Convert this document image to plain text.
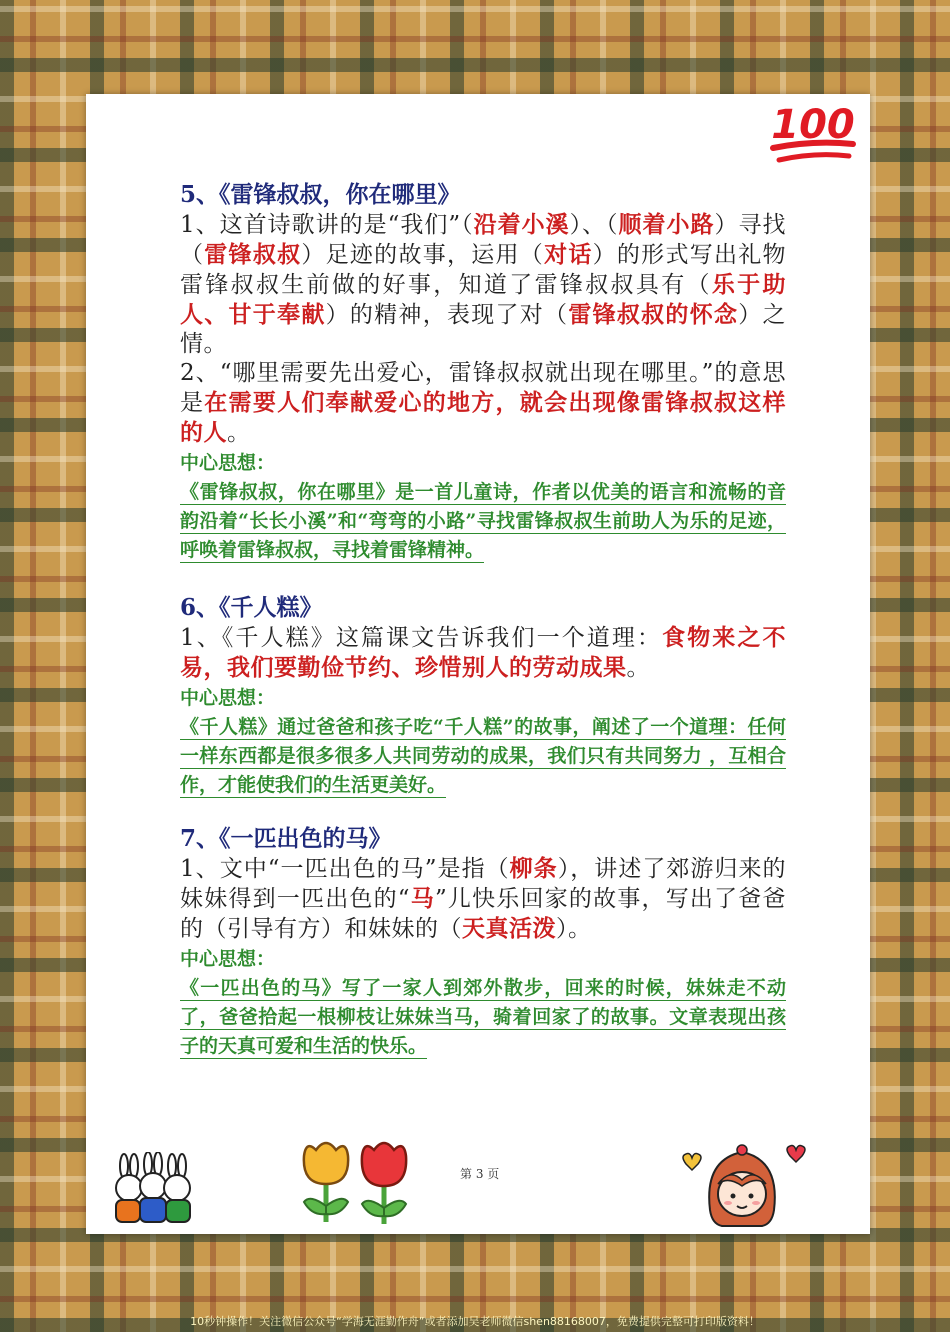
100
5、《雷锋叔叔，你在哪里》

1、这首诗歌讲的是“我们”（沿着小溪）、（顺着小路）寻找（雷锋叔叔）足迹的故事，运用（对话）的形式写出礼物雷锋叔叔生前做的好事，知道了雷锋叔叔具有（乐于助人、甘于奉献）的精神，表现了对（雷锋叔叔的怀念）之情。

2、“哪里需要先出爱心，雷锋叔叔就出现在哪里。”的意思是在需要人们奉献爱心的地方，就会出现像雷锋叔叔这样的人。

中心思想：

《雷锋叔叔，你在哪里》是一首儿童诗，作者以优美的语言和流畅的音韵沿着“长长小溪”和“弯弯的小路”寻找雷锋叔叔生前助人为乐的足迹，呼唤着雷锋叔叔，寻找着雷锋精神。

6、《千人糕》

1、《千人糕》这篇课文告诉我们一个道理：食物来之不易，我们要勤俭节约、珍惜别人的劳动成果。

中心思想：

《千人糕》通过爸爸和孩子吃“千人糕”的故事，阐述了一个道理：任何一样东西都是很多很多人共同劳动的成果，我们只有共同努力 ，互相合作，才能使我们的生活更美好。

7、《一匹出色的马》

1、文中“一匹出色的马”是指（柳条），讲述了郊游归来的妹妹得到一匹出色的“马”儿快乐回家的故事，写出了爸爸的（引导有方）和妹妹的（天真活泼）。

中心思想：

《一匹出色的马》写了一家人到郊外散步，回来的时候，妹妹走不动了，爸爸拾起一根柳枝让妹妹当马，骑着回家了的故事。文章表现出孩子的天真可爱和生活的快乐。

第 3 页
10秒钟操作！关注微信公众号“学海无涯勤作舟”或者添加吴老师微信shen88168007，免费提供完整可打印版资料！
